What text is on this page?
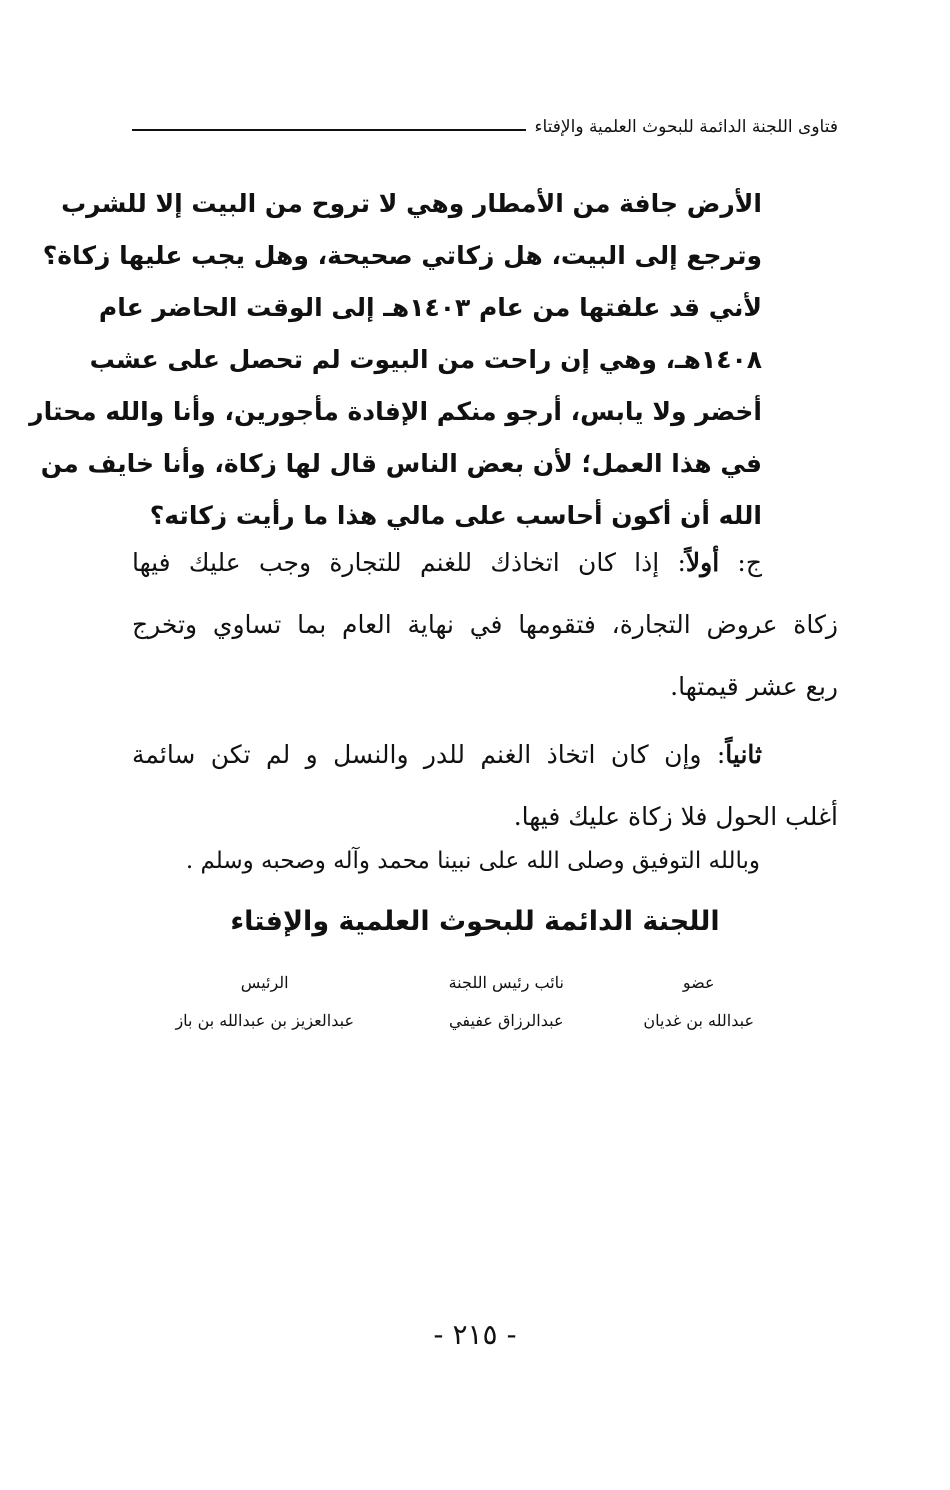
فتاوى اللجنة الدائمة للبحوث العلمية والإفتاء
الأرض جافة من الأمطار وهي لا تروح من البيت إلا للشرب
وترجع إلى البيت، هل زكاتي صحيحة، وهل يجب عليها زكاة؟
لأني قد علفتها من عام ١٤٠٣هـ إلى الوقت الحاضر عام
١٤٠٨هـ، وهي إن راحت من البيوت لم تحصل على عشب
أخضر ولا يابس، أرجو منكم الإفادة مأجورين، وأنا والله محتار
في هذا العمل؛ لأن بعض الناس قال لها زكاة، وأنا خايف من
الله أن أكون أحاسب على مالي هذا ما رأيت زكاته؟
ج: أولاً: إذا كان اتخاذك للغنم للتجارة وجب عليك فيها
زكاة عروض التجارة، فتقومها في نهاية العام بما تساوي وتخرج
ربع عشر قيمتها.
ثانياً: وإن كان اتخاذ الغنم للدر والنسل و لم تكن سائمة
أغلب الحول فلا زكاة عليك فيها.
وبالله التوفيق وصلى الله على نبينا محمد وآله وصحبه وسلم .
اللجنة الدائمة للبحوث العلمية والإفتاء
عضو
عبدالله بن غديان
نائب رئيس اللجنة
عبدالرزاق عفيفي
الرئيس
عبدالعزيز بن عبدالله بن باز
- ٢١٥ -
